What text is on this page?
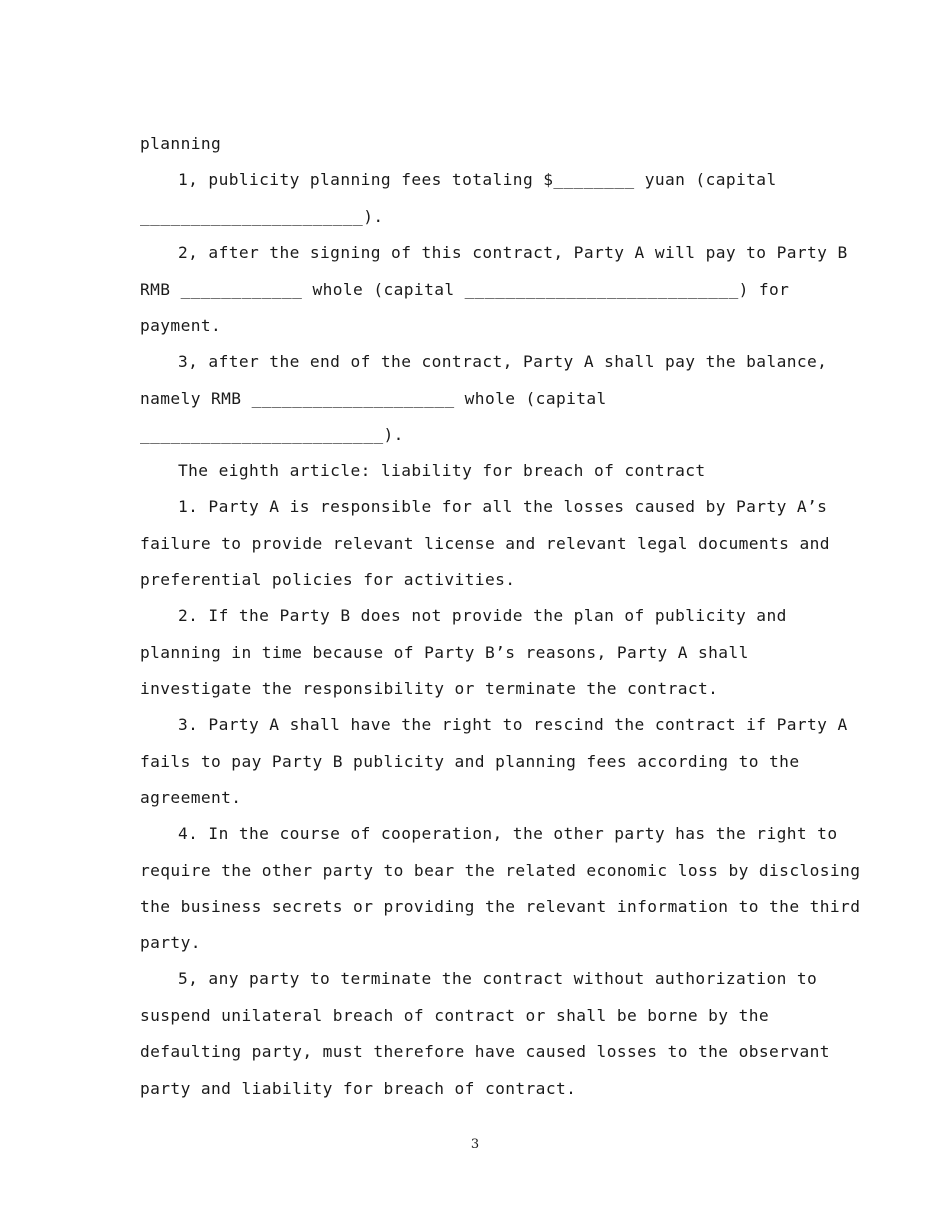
planning
1, publicity planning fees totaling $________ yuan (capital
______________________).
2, after the signing of this contract, Party A will pay to Party B
RMB ____________ whole (capital ___________________________) for
payment.
3, after the end of the contract, Party A shall pay the balance,
namely RMB ____________________ whole (capital
________________________).
The eighth article: liability for breach of contract
1. Party A is responsible for all the losses caused by Party A’s
failure to provide relevant license and relevant legal documents and
preferential policies for activities.
2. If the Party B does not provide the plan of publicity and
planning in time because of Party B’s reasons, Party A shall
investigate the responsibility or terminate the contract.
3. Party A shall have the right to rescind the contract if Party A
fails to pay Party B publicity and planning fees according to the
agreement.
4. In the course of cooperation, the other party has the right to
require the other party to bear the related economic loss by disclosing
the business secrets or providing the relevant information to the third
party.
5, any party to terminate the contract without authorization to
suspend unilateral breach of contract or shall be borne by the
defaulting party, must therefore have caused losses to the observant
party and liability for breach of contract.
3
